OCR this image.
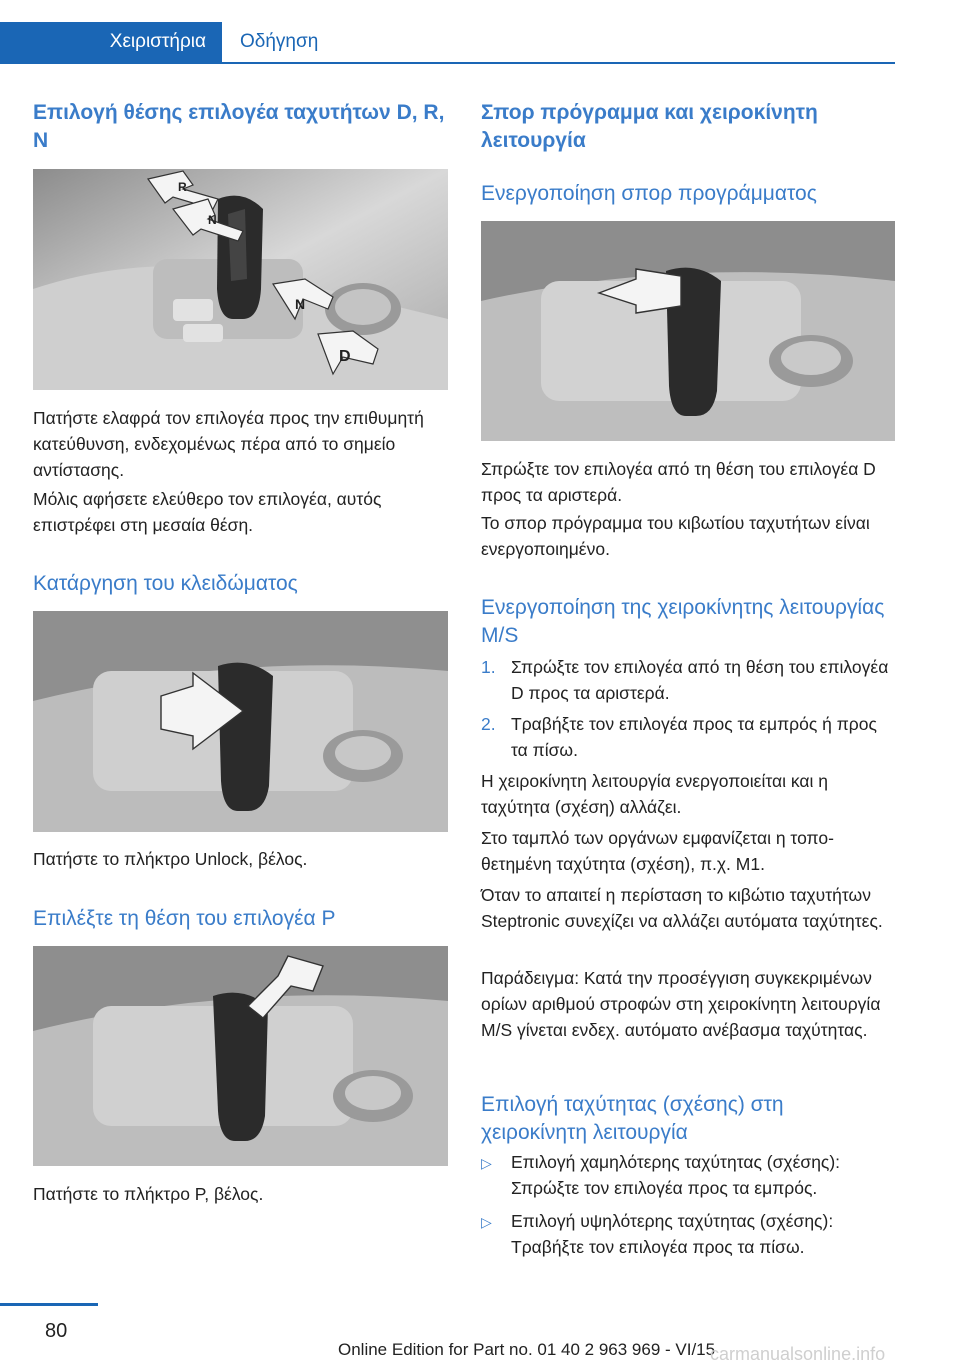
Χειριστήρια Οδήγηση
Επιλογή θέσης επιλογέα ταχυτήτων D, R, N
R
N
N
D

Πατήστε ελαφρά τον επιλογέα προς την επιθυμητή κατεύθυνση, ενδεχομένως πέρα από το σημείο αντίστασης.

Μόλις αφήσετε ελεύθερο τον επιλογέα, αυτός επιστρέφει στη μεσαία θέση.

Κατάργηση του κλειδώματος

Πατήστε το πλήκτρο Unlock, βέλος.

Επιλέξτε τη θέση του επιλογέα P

Πατήστε το πλήκτρο P, βέλος.

Σπορ πρόγραμμα και χειροκίνητη λειτουργία
Ενεργοποίηση σπορ προγράμματος

Σπρώξτε τον επιλογέα από τη θέση του επιλογέα D προς τα αριστερά.

Το σπορ πρόγραμμα του κιβωτίου ταχυτήτων είναι ενεργοποιημένο.

Ενεργοποίηση της χειροκίνητης λειτουργίας M/S
1. Σπρώξτε τον επιλογέα από τη θέση του επιλογέα D προς τα αριστερά.
2. Τραβήξτε τον επιλογέα προς τα εμπρός ή προς τα πίσω.

Η χειροκίνητη λειτουργία ενεργοποιείται και η ταχύτητα (σχέση) αλλάζει.

Στο ταμπλό των οργάνων εμφανίζεται η τοποθετημένη ταχύτητα (σχέση), π.χ. M1.

Όταν το απαιτεί η περίσταση το κιβώτιο ταχυτήτων Steptronic συνεχίζει να αλλάζει αυτόματα ταχύτητες.

Παράδειγμα: Κατά την προσέγγιση συγκεκριμένων ορίων αριθμού στροφών στη χειροκίνητη λειτουργία M/S γίνεται ενδεχ. αυτόματο ανέβασμα ταχύτητας.

Επιλογή ταχύτητας (σχέσης) στη χειροκίνητη λειτουργία
▷ Επιλογή χαμηλότερης ταχύτητας (σχέσης): Σπρώξτε τον επιλογέα προς τα εμπρός.
▷ Επιλογή υψηλότερης ταχύτητας (σχέσης): Τραβήξτε τον επιλογέα προς τα πίσω.
80
Online Edition for Part no. 01 40 2 963 969 - VI/15
carmanualsonline.info
